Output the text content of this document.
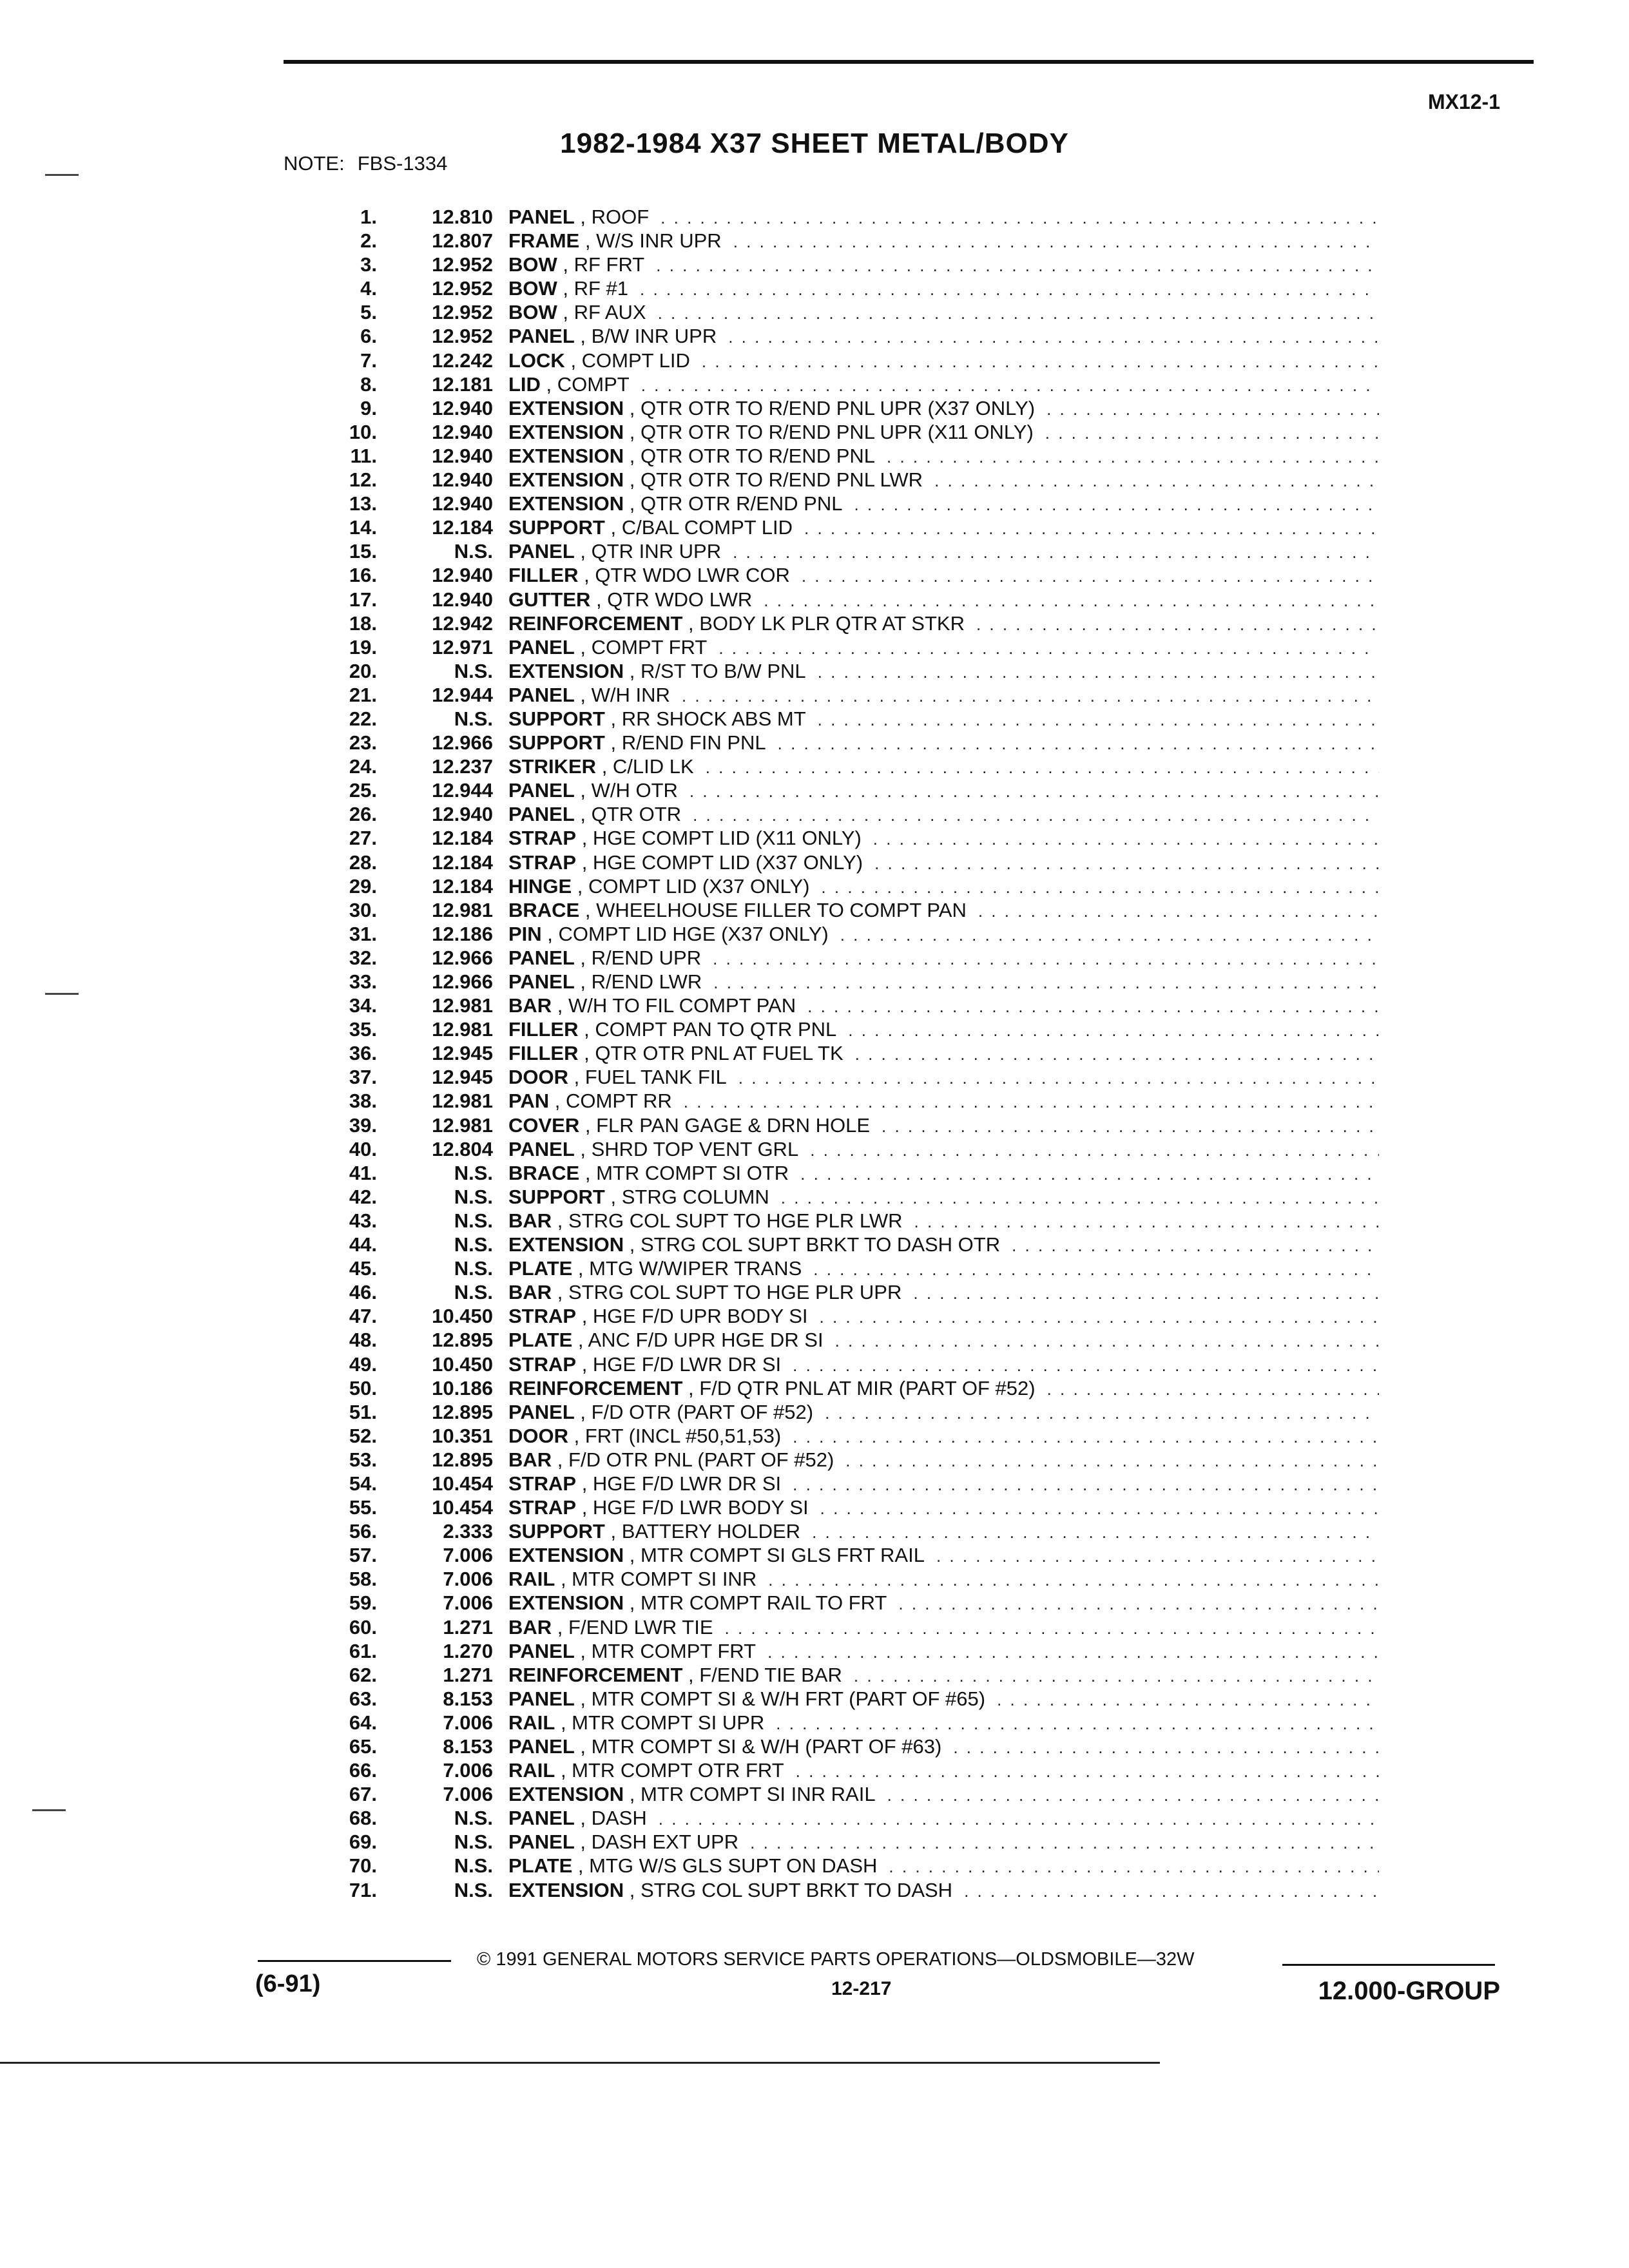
MX12-1
1982-1984 X37 SHEET METAL/BODY
NOTE: FBS-1334
1.	12.810 PANEL , ROOF
. . .
2.	12.807 FRAME , W/S INR UPR
. . .
3.	12.952 BOW , RF FRT
. . .
4.	12.952 BOW , RF #1
. . .
5.	12.952 BOW , RF AUX
. . .
6.	12.952 PANEL , B/W INR UPR
. . .
7.	12.242 LOCK , COMPT LID
. . .
8.	12.181 LID , COMPT
. . .
9.	12.940 EXTENSION , QTR OTR TO R/END PNL UPR (X37 ONLY)
. . .
10.	12.940 EXTENSION , QTR OTR TO R/END PNL UPR (X11 ONLY)
. . .
11.	12.940 EXTENSION , QTR OTR TO R/END PNL
. . .
12.	12.940 EXTENSION , QTR OTR TO R/END PNL LWR
. . .
13.	12.940 EXTENSION , QTR OTR R/END PNL
. . .
14.	12.184 SUPPORT , C/BAL COMPT LID
. . .
15.	N.S. PANEL , QTR INR UPR
. . .
16.	12.940 FILLER , QTR WDO LWR COR
. . .
17.	12.940 GUTTER , QTR WDO LWR
. . .
18.	12.942 REINFORCEMENT , BODY LK PLR QTR AT STKR
. . .
19.	12.971 PANEL , COMPT FRT
. . .
20.	N.S. EXTENSION , R/ST TO B/W PNL
. . .
21.	12.944 PANEL , W/H INR
. . .
22.	N.S. SUPPORT , RR SHOCK ABS MT
. . .
23.	12.966 SUPPORT , R/END FIN PNL
. . .
24.	12.237 STRIKER , C/LID LK
. . .
25.	12.944 PANEL , W/H OTR
. . .
26.	12.940 PANEL , QTR OTR
. . .
27.	12.184 STRAP , HGE COMPT LID (X11 ONLY)
. . .
28.	12.184 STRAP , HGE COMPT LID (X37 ONLY)
. . .
29.	12.184 HINGE , COMPT LID (X37 ONLY)
. . .
30.	12.981 BRACE , WHEELHOUSE FILLER TO COMPT PAN
. . .
31.	12.186 PIN , COMPT LID HGE (X37 ONLY)
. . .
32.	12.966 PANEL , R/END UPR
. . .
33.	12.966 PANEL , R/END LWR
. . .
34.	12.981 BAR , W/H TO FIL COMPT PAN
. . .
35.	12.981 FILLER , COMPT PAN TO QTR PNL
. . .
36.	12.945 FILLER , QTR OTR PNL AT FUEL TK
. . .
37.	12.945 DOOR , FUEL TANK FIL
. . .
38.	12.981 PAN , COMPT RR
. . .
39.	12.981 COVER , FLR PAN GAGE & DRN HOLE
. . .
40.	12.804 PANEL , SHRD TOP VENT GRL
. . .
41.	N.S. BRACE , MTR COMPT SI OTR
. . .
42.	N.S. SUPPORT , STRG COLUMN
. . .
43.	N.S. BAR , STRG COL SUPT TO HGE PLR LWR
. . .
44.	N.S. EXTENSION , STRG COL SUPT BRKT TO DASH OTR
. . .
45.	N.S. PLATE , MTG W/WIPER TRANS
. . .
46.	N.S. BAR , STRG COL SUPT TO HGE PLR UPR
. . .
47.	10.450 STRAP , HGE F/D UPR BODY SI
. . .
48.	12.895 PLATE , ANC F/D UPR HGE DR SI
. . .
49.	10.450 STRAP , HGE F/D LWR DR SI
. . .
50.	10.186 REINFORCEMENT , F/D QTR PNL AT MIR (PART OF #52)
. . .
51.	12.895 PANEL , F/D OTR (PART OF #52)
. . .
52.	10.351 DOOR , FRT (INCL #50,51,53)
. . .
53.	12.895 BAR , F/D OTR PNL (PART OF #52)
. . .
54.	10.454 STRAP , HGE F/D LWR DR SI
. . .
55.	10.454 STRAP , HGE F/D LWR BODY SI
. . .
56.	2.333 SUPPORT , BATTERY HOLDER
. . .
57.	7.006 EXTENSION , MTR COMPT SI GLS FRT RAIL
. . .
58.	7.006 RAIL , MTR COMPT SI INR
. . .
59.	7.006 EXTENSION , MTR COMPT RAIL TO FRT
. . .
60.	1.271 BAR , F/END LWR TIE
. . .
61.	1.270 PANEL , MTR COMPT FRT
. . .
62.	1.271 REINFORCEMENT , F/END TIE BAR
. . .
63.	8.153 PANEL , MTR COMPT SI & W/H FRT (PART OF #65)
. . .
64.	7.006 RAIL , MTR COMPT SI UPR
. . .
65.	8.153 PANEL , MTR COMPT SI & W/H (PART OF #63)
. . .
66.	7.006 RAIL , MTR COMPT OTR FRT
. . .
67.	7.006 EXTENSION , MTR COMPT SI INR RAIL
. . .
68.	N.S. PANEL , DASH
. . .
69.	N.S. PANEL , DASH EXT UPR
. . .
70.	N.S. PLATE , MTG W/S GLS SUPT ON DASH
. . .
71.	N.S. EXTENSION , STRG COL SUPT BRKT TO DASH
. . .
(6-91)
© 1991 GENERAL MOTORS SERVICE PARTS OPERATIONS—OLDSMOBILE—32W
12-217	12.000-GROUP
